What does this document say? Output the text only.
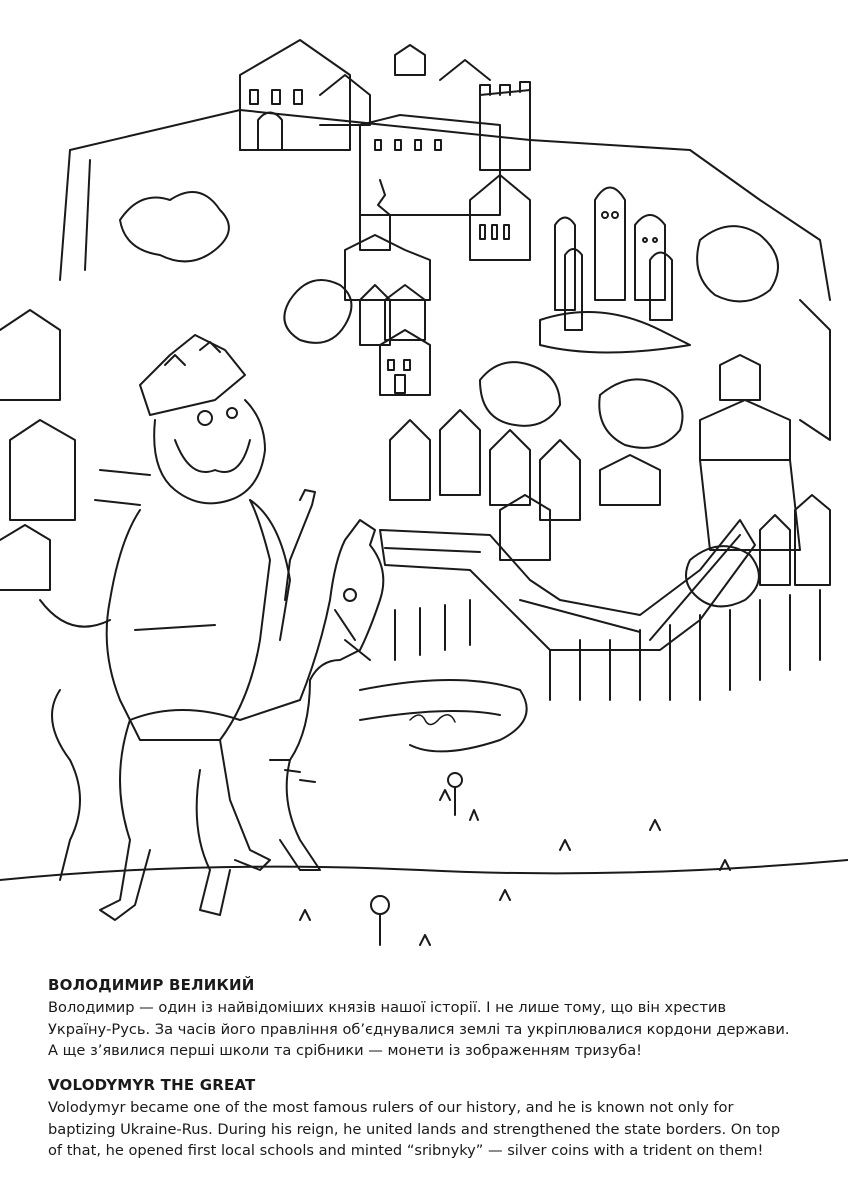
ВОЛОДИМИР ВЕЛИКИЙ

Володимир — один із найвідоміших князів нашої історії. І не лише тому, що він хрестив

Україну-Русь. За часів його правління об’єднувалися землі та укріплювалися кордони держави.

А ще з’явилися перші школи та срібники — монети із зображенням тризуба!

VOLODYMYR THE GREAT

Volodymyr became one of the most famous rulers of our history, and he is known not only for

baptizing Ukraine-Rus. During his reign, he united lands and strengthened the state borders. On top

of that, he opened first local schools and minted “sribnyky” — silver coins with a trident on them!
